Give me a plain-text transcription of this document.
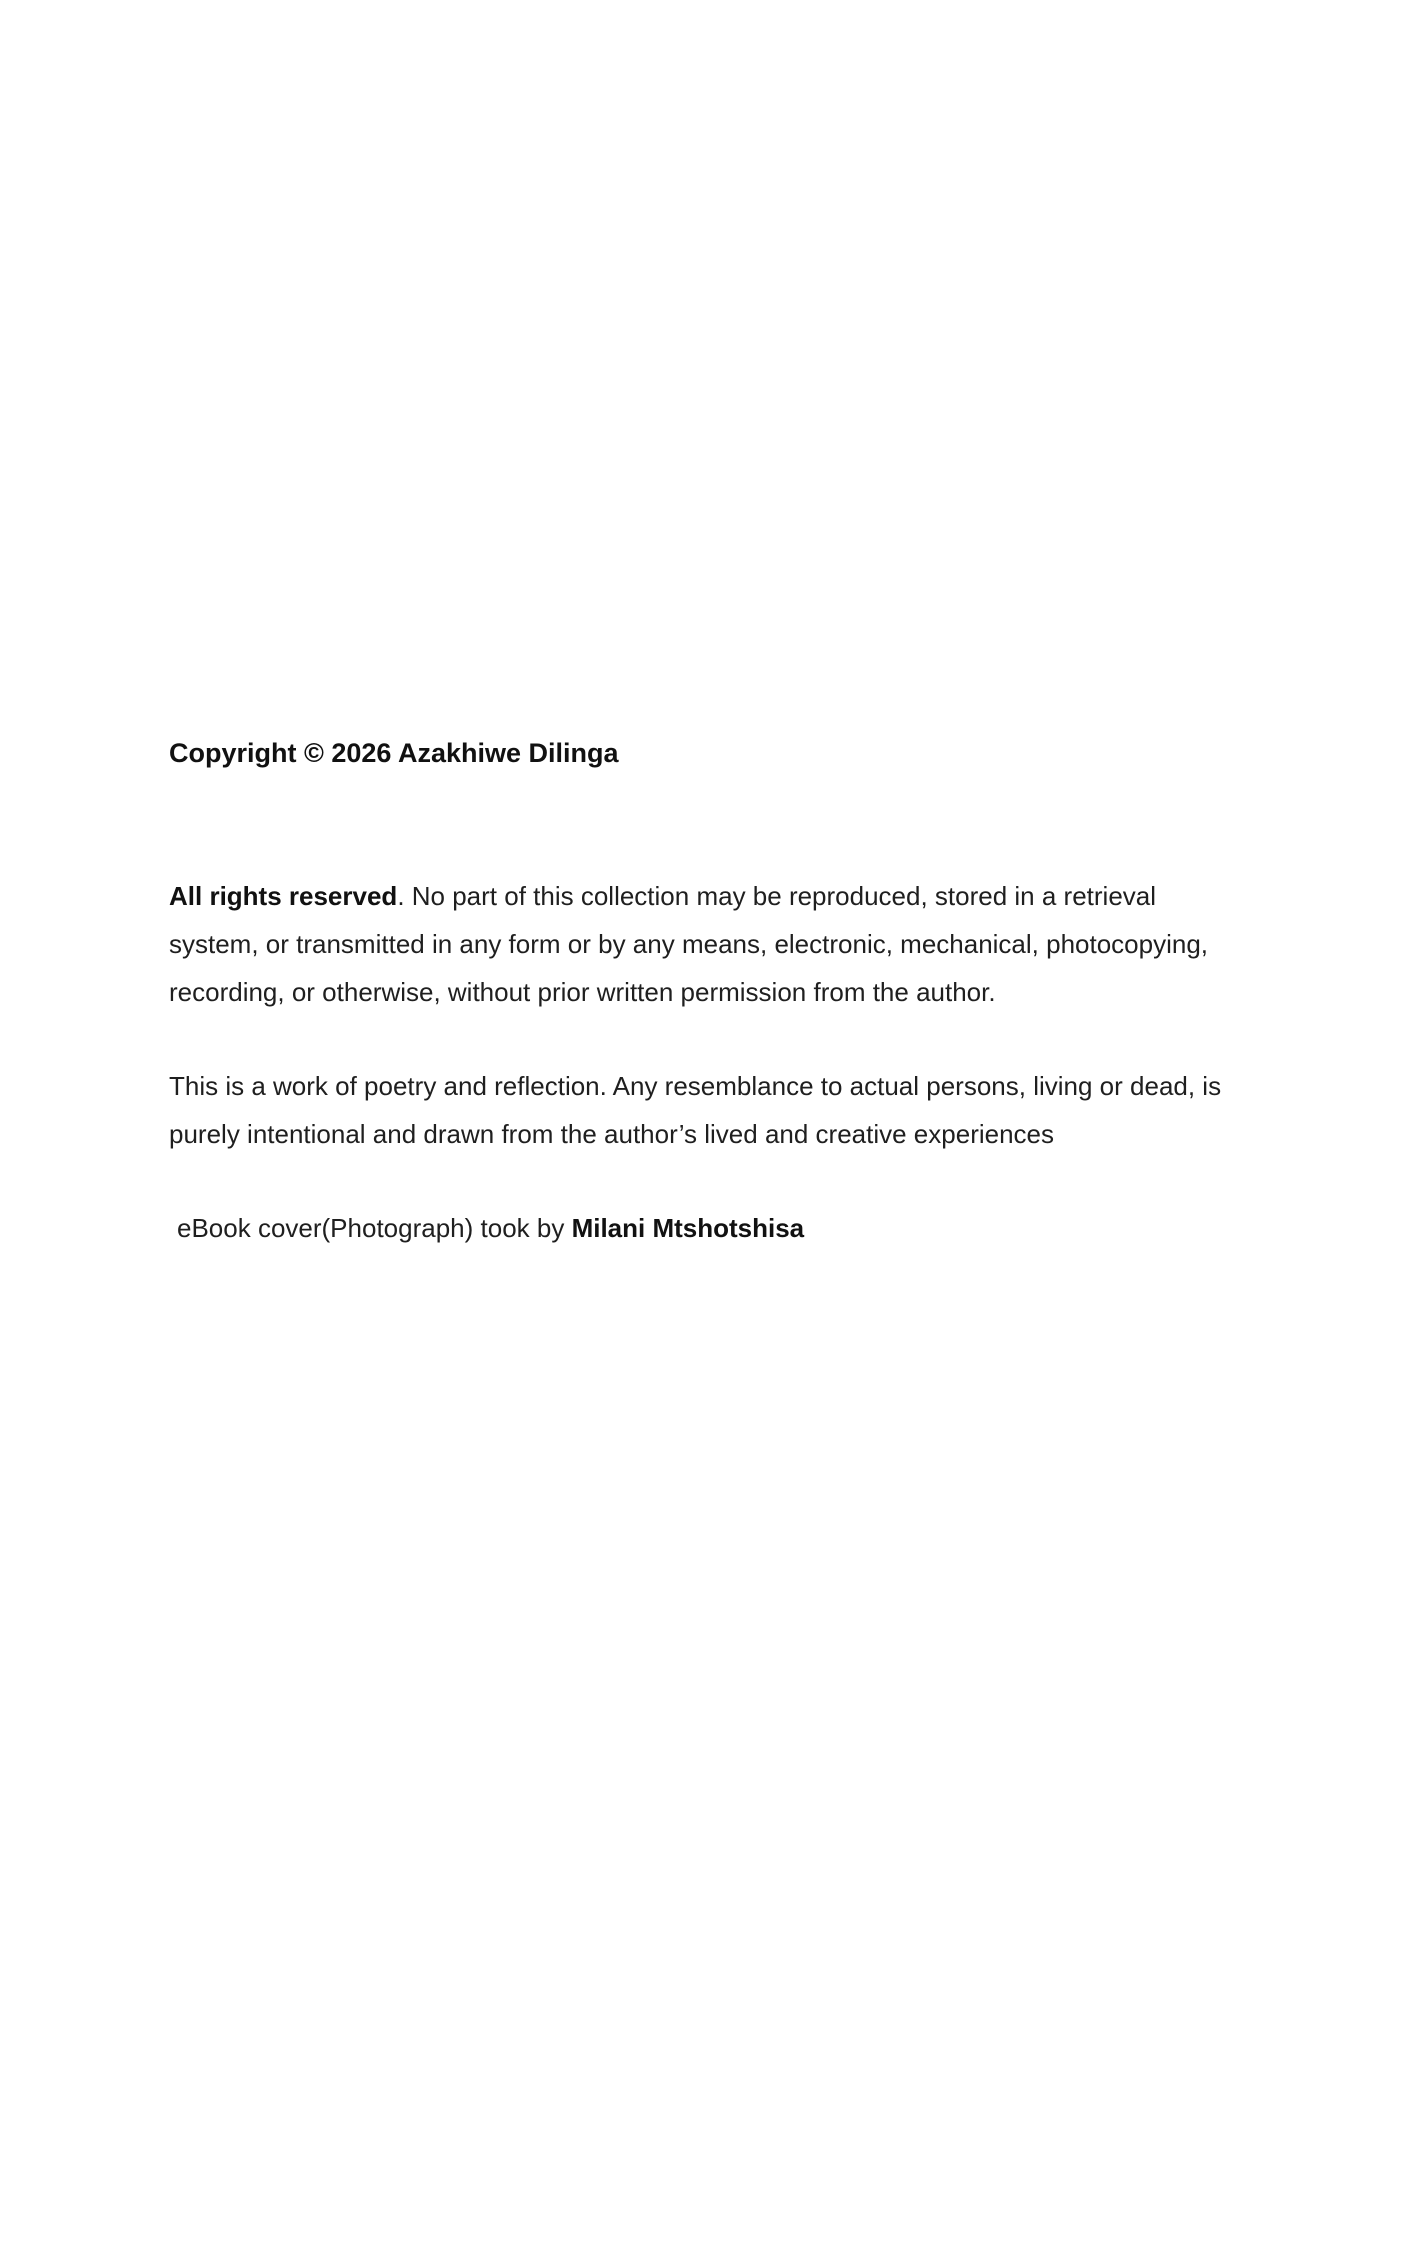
Copyright © 2026 Azakhiwe Dilinga

All rights reserved. No part of this collection may be reproduced, stored in a retrieval system, or transmitted in any form or by any means, electronic, mechanical, photocopying, recording, or otherwise, without prior written permission from the author.

This is a work of poetry and reflection. Any resemblance to actual persons, living or dead, is purely intentional and drawn from the author’s lived and creative experiences

eBook cover(Photograph) took by Milani Mtshotshisa
